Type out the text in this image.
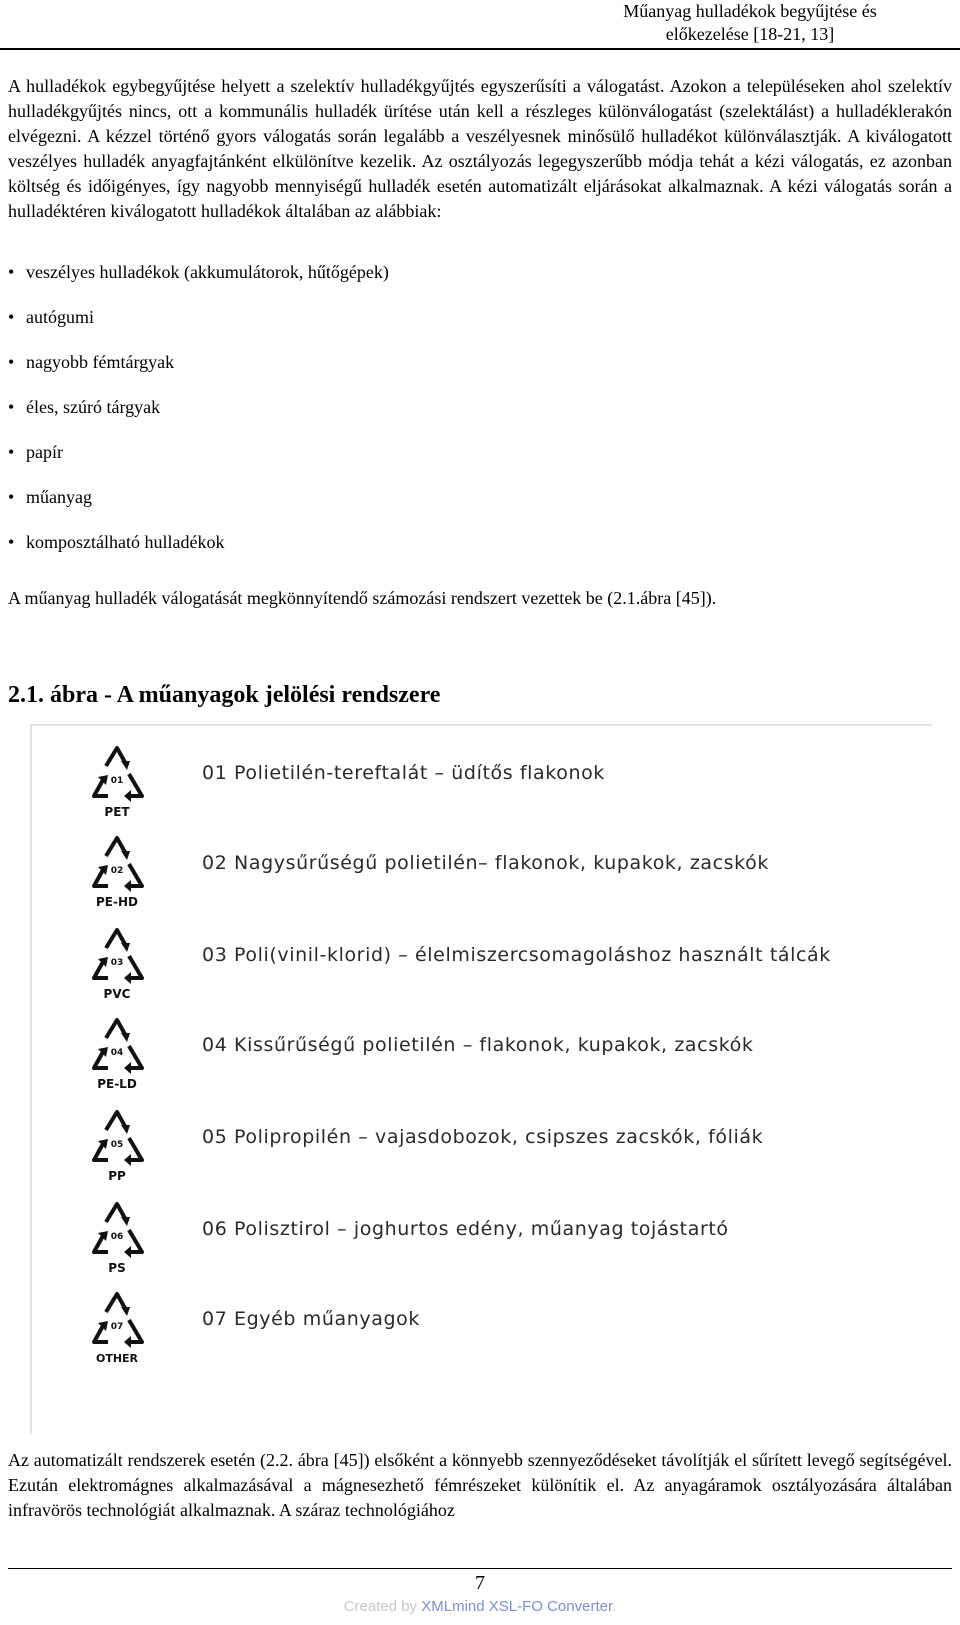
Műanyag hulladékok begyűjtése és
előkezelése [18-21, 13]
A hulladékok egybegyűjtése helyett a szelektív hulladékgyűjtés egyszerűsíti a válogatást. Azokon a településeken ahol szelektív hulladékgyűjtés nincs, ott a kommunális hulladék ürítése után kell a részleges különválogatást (szelektálást) a hulladéklerakón elvégezni. A kézzel történő gyors válogatás során legalább a veszélyesnek minősülő hulladékot különválasztják. A kiválogatott veszélyes hulladék anyagfajtánként elkülönítve kezelik. Az osztályozás legegyszerűbb módja tehát a kézi válogatás, ez azonban költség és időigényes, így nagyobb mennyiségű hulladék esetén automatizált eljárásokat alkalmaznak. A kézi válogatás során a hulladéktéren kiválogatott hulladékok általában az alábbiak:
• veszélyes hulladékok (akkumulátorok, hűtőgépek)
• autógumi
• nagyobb fémtárgyak
• éles, szúró tárgyak
• papír
• műanyag
• komposztálható hulladékok
A műanyag hulladék válogatását megkönnyítendő számozási rendszert vezettek be (2.1.ábra [45]).
2.1. ábra - A műanyagok jelölési rendszere
01
PET
01 Polietilén-tereftalát – üdítős flakonok
02
PE-HD
02 Nagysűrűségű polietilén– flakonok, kupakok, zacskók
03
PVC
03 Poli(vinil-klorid) – élelmiszercsomagoláshoz használt tálcák
04
PE-LD
04 Kissűrűségű polietilén – flakonok, kupakok, zacskók
05
PP
05 Polipropilén – vajasdobozok, csipszes zacskók, fóliák
06
PS
06 Polisztirol – joghurtos edény, műanyag tojástartó
07
OTHER
07 Egyéb műanyagok
Az automatizált rendszerek esetén (2.2. ábra [45]) elsőként a könnyebb szennyeződéseket távolítják el sűrített levegő segítségével. Ezután elektromágnes alkalmazásával a mágnesezhető fémrészeket különítik el. Az anyagáramok osztályozására általában infravörös technológiát alkalmaznak. A száraz technológiához
7
Created by XMLmind XSL-FO Converter.
